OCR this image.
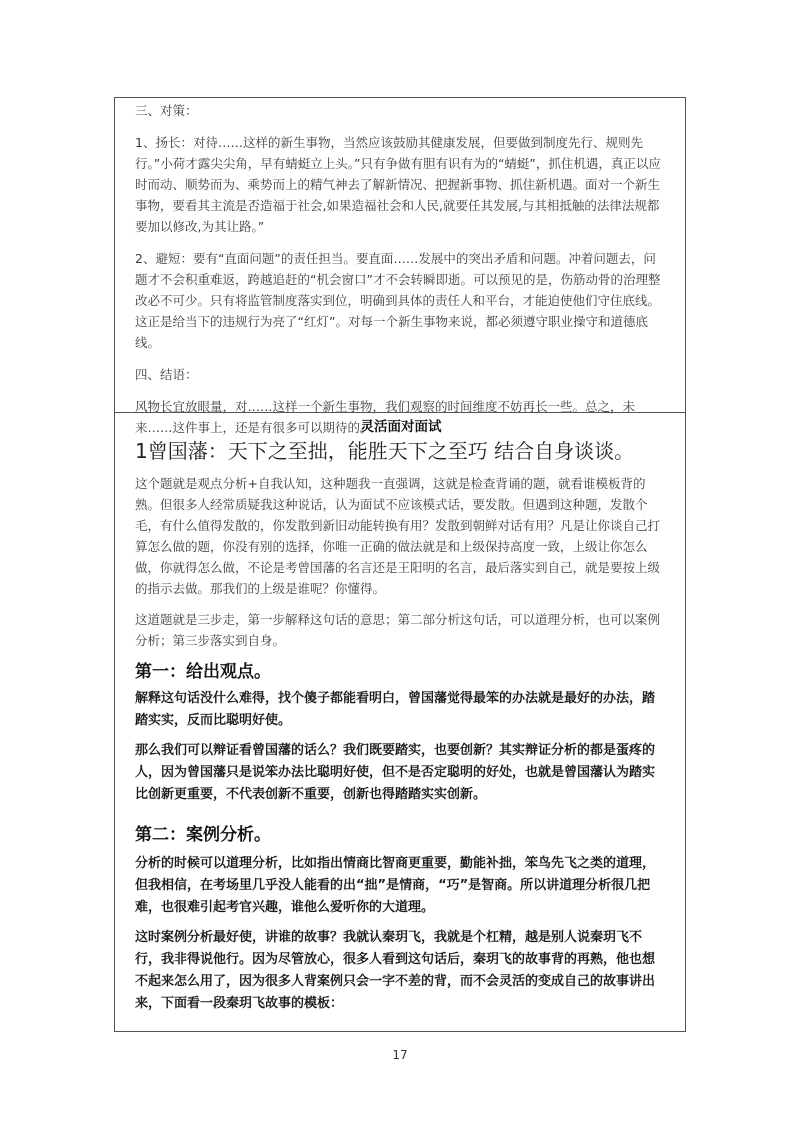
三、对策：

1、扬长：对待……这样的新生事物，当然应该鼓励其健康发展，但要做到制度先行、规则先行。”小荷才露尖尖角，早有蜻蜓立上头。”只有争做有胆有识有为的“蜻蜓”，抓住机遇，真正以应时而动、顺势而为、乘势而上的精气神去了解新情况、把握新事物、抓住新机遇。面对一个新生事物，要看其主流是否造福于社会,如果造福社会和人民,就要任其发展,与其相抵触的法律法规都要加以修改,为其让路。”

2、避短：要有“直面问题”的责任担当。要直面……发展中的突出矛盾和问题。冲着问题去，问题才不会积重难返，跨越追赶的“机会窗口”才不会转瞬即逝。可以预见的是，伤筋动骨的治理整改必不可少。只有将监管制度落实到位，明确到具体的责任人和平台，才能迫使他们守住底线。这正是给当下的违规行为亮了“红灯”。对每一个新生事物来说，都必须遵守职业操守和道德底线。

四、结语：

风物长宜放眼量，对……这样一个新生事物，我们观察的时间维度不妨再长一些。总之，未来……这件事上，还是有很多可以期待的。

灵活面对面试

1曾国藩：天下之至拙，能胜天下之至巧 结合自身谈谈。

这个题就是观点分析+自我认知，这种题我一直强调，这就是检查背诵的题，就看谁模板背的熟。但很多人经常质疑我这种说话，认为面试不应该模式话，要发散。但遇到这种题，发散个毛，有什么值得发散的，你发散到新旧动能转换有用？发散到朝鲜对话有用？凡是让你谈自己打算怎么做的题，你没有别的选择，你唯一正确的做法就是和上级保持高度一致，上级让你怎么做，你就得怎么做，不论是考曾国藩的名言还是王阳明的名言，最后落实到自己，就是要按上级的指示去做。那我们的上级是谁呢？你懂得。

这道题就是三步走，第一步解释这句话的意思；第二部分析这句话，可以道理分析，也可以案例分析；第三步落实到自身。

第一：给出观点。

解释这句话没什么难得，找个傻子都能看明白，曾国藩觉得最笨的办法就是最好的办法，踏踏实实，反而比聪明好使。

那么我们可以辩证看曾国藩的话么？我们既要踏实，也要创新？其实辩证分析的都是蛋疼的人，因为曾国藩只是说笨办法比聪明好使，但不是否定聪明的好处，也就是曾国藩认为踏实比创新更重要，不代表创新不重要，创新也得踏踏实实创新。

第二：案例分析。

分析的时候可以道理分析，比如指出情商比智商更重要，勤能补拙，笨鸟先飞之类的道理，但我相信，在考场里几乎没人能看的出“拙”是情商，“巧”是智商。所以讲道理分析很几把难，也很难引起考官兴趣，谁他么爱听你的大道理。

这时案例分析最好使，讲谁的故事？我就认秦玥飞，我就是个杠精，越是别人说秦玥飞不行，我非得说他行。因为尽管放心，很多人看到这句话后，秦玥飞的故事背的再熟，他也想不起来怎么用了，因为很多人背案例只会一字不差的背，而不会灵活的变成自己的故事讲出来，下面看一段秦玥飞故事的模板：

17
